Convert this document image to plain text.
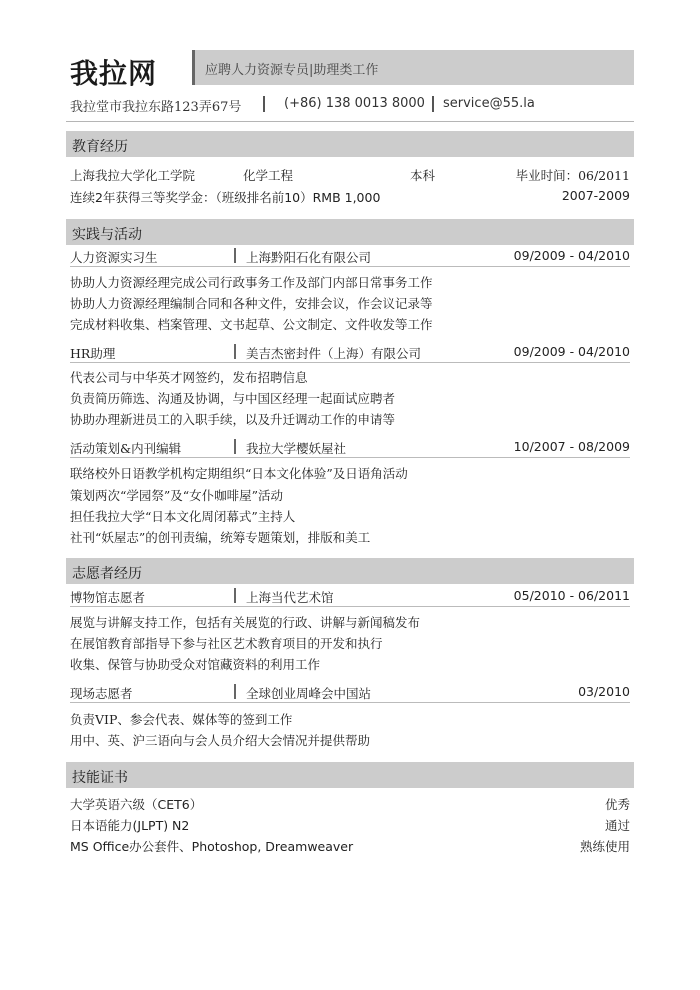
我拉网	应聘人力资源专员|助理类工作
我拉堂市我拉东路123弄67号	(+86) 138 0013 8000 service@55.la
教育经历
上海我拉大学化工学院	化学工程	本科	毕业时间：06/2011
连续2年获得三等奖学金：（班级排名前10）RMB 1,000	2007-2009
实践与活动
人力资源实习生	上海黔阳石化有限公司	09/2009 - 04/2010
协助人力资源经理完成公司行政事务工作及部门内部日常事务工作
协助人力资源经理编制合同和各种文件，安排会议，作会议记录等
完成材料收集、档案管理、文书起草、公文制定、文件收发等工作
HR助理	美吉杰密封件（上海）有限公司	09/2009 - 04/2010
代表公司与中华英才网签约，发布招聘信息
负责简历筛选、沟通及协调，与中国区经理一起面试应聘者
协助办理新进员工的入职手续，以及升迁调动工作的申请等
活动策划&内刊编辑	我拉大学樱妖屋社	10/2007 - 08/2009
联络校外日语教学机构定期组织“日本文化体验”及日语角活动
策划两次“学园祭”及“女仆咖啡屋”活动
担任我拉大学“日本文化周闭幕式”主持人
社刊“妖屋志”的创刊责编，统筹专题策划，排版和美工
志愿者经历
博物馆志愿者	上海当代艺术馆	05/2010 - 06/2011
展览与讲解支持工作，包括有关展览的行政、讲解与新闻稿发布
在展馆教育部指导下参与社区艺术教育项目的开发和执行
收集、保管与协助受众对馆藏资料的利用工作
现场志愿者	全球创业周峰会中国站	03/2010
负责VIP、参会代表、媒体等的签到工作
用中、英、沪三语向与会人员介绍大会情况并提供帮助
技能证书
大学英语六级（CET6）	优秀
日本语能力(JLPT) N2	通过
MS Office办公套件、Photoshop, Dreamweaver	熟练使用
